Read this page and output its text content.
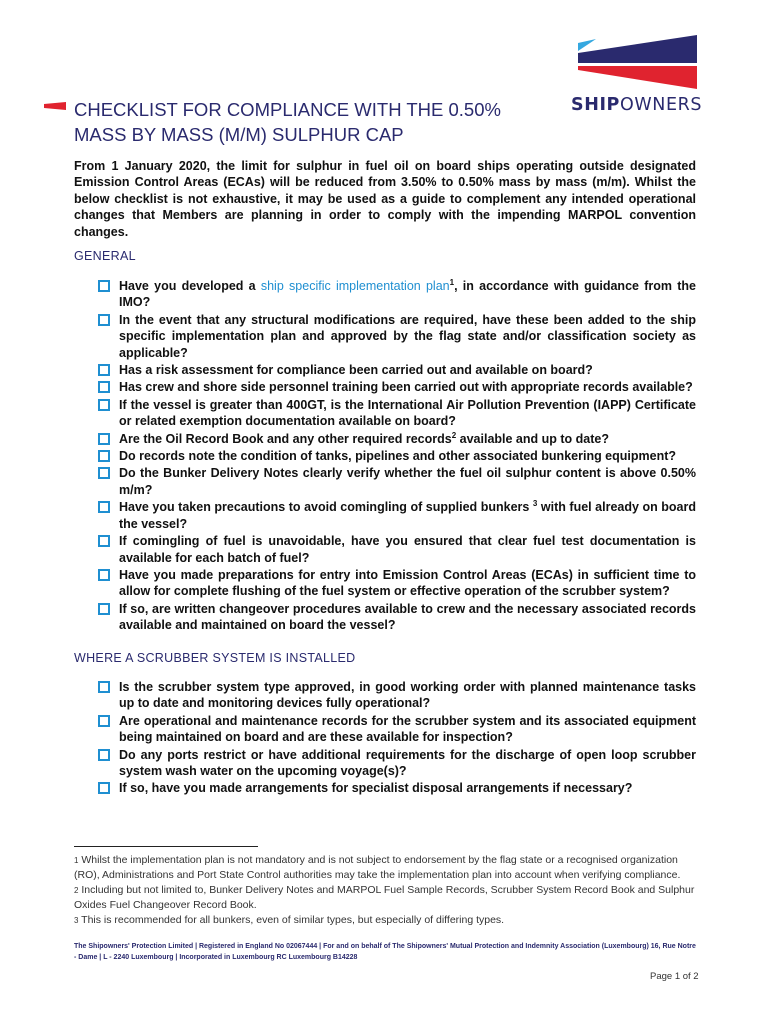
SHIPOWNERS
CHECKLIST FOR COMPLIANCE WITH THE 0.50% MASS BY MASS (M/M) SULPHUR CAP

From 1 January 2020, the limit for sulphur in fuel oil on board ships operating outside designated Emission Control Areas (ECAs) will be reduced from 3.50% to 0.50% mass by mass (m/m). Whilst the below checklist is not exhaustive, it may be used as a guide to complement any intended operational changes that Members are planning in order to comply with the impending MARPOL convention changes.

GENERAL
Have you developed a ship specific implementation plan$^1$, in accordance with guidance from the IMO?
In the event that any structural modifications are required, have these been added to the ship specific implementation plan and approved by the flag state and/or classification society as applicable?
Has a risk assessment for compliance been carried out and available on board?
Has crew and shore side personnel training been carried out with appropriate records available?
If the vessel is greater than 400GT, is the International Air Pollution Prevention (IAPP) Certificate or related exemption documentation available on board?
Are the Oil Record Book and any other required records$^2$ available and up to date?
Do records note the condition of tanks, pipelines and other associated bunkering equipment?
Do the Bunker Delivery Notes clearly verify whether the fuel oil sulphur content is above 0.50% m/m?
Have you taken precautions to avoid comingling of supplied bunkers $^3$ with fuel already on board the vessel?
If comingling of fuel is unavoidable, have you ensured that clear fuel test documentation is available for each batch of fuel?
Have you made preparations for entry into Emission Control Areas (ECAs) in sufficient time to allow for complete flushing of the fuel system or effective operation of the scrubber system?
If so, are written changeover procedures available to crew and the necessary associated records available and maintained on board the vessel?
WHERE A SCRUBBER SYSTEM IS INSTALLED
Is the scrubber system type approved, in good working order with planned maintenance tasks up to date and monitoring devices fully operational?
Are operational and maintenance records for the scrubber system and its associated equipment being maintained on board and are these available for inspection?
Do any ports restrict or have additional requirements for the discharge of open loop scrubber system wash water on the upcoming voyage(s)?
If so, have you made arrangements for specialist disposal arrangements if necessary?

$^1$ Whilst the implementation plan is not mandatory and is not subject to endorsement by the flag state or a recognised organization (RO), Administrations and Port State Control authorities may take the implementation plan into account when verifying compliance.

$^2$ Including but not limited to, Bunker Delivery Notes and MARPOL Fuel Sample Records, Scrubber System Record Book and Sulphur Oxides Fuel Changeover Record Book.

$^3$ This is recommended for all bunkers, even of similar types, but especially of differing types.

The Shipowners' Protection Limited | Registered in England No 02067444 | For and on behalf of The Shipowners' Mutual Protection and Indemnity Association (Luxembourg) 16, Rue Notre - Dame | L - 2240 Luxembourg | Incorporated in Luxembourg RC Luxembourg B14228
Page 1 of 2
